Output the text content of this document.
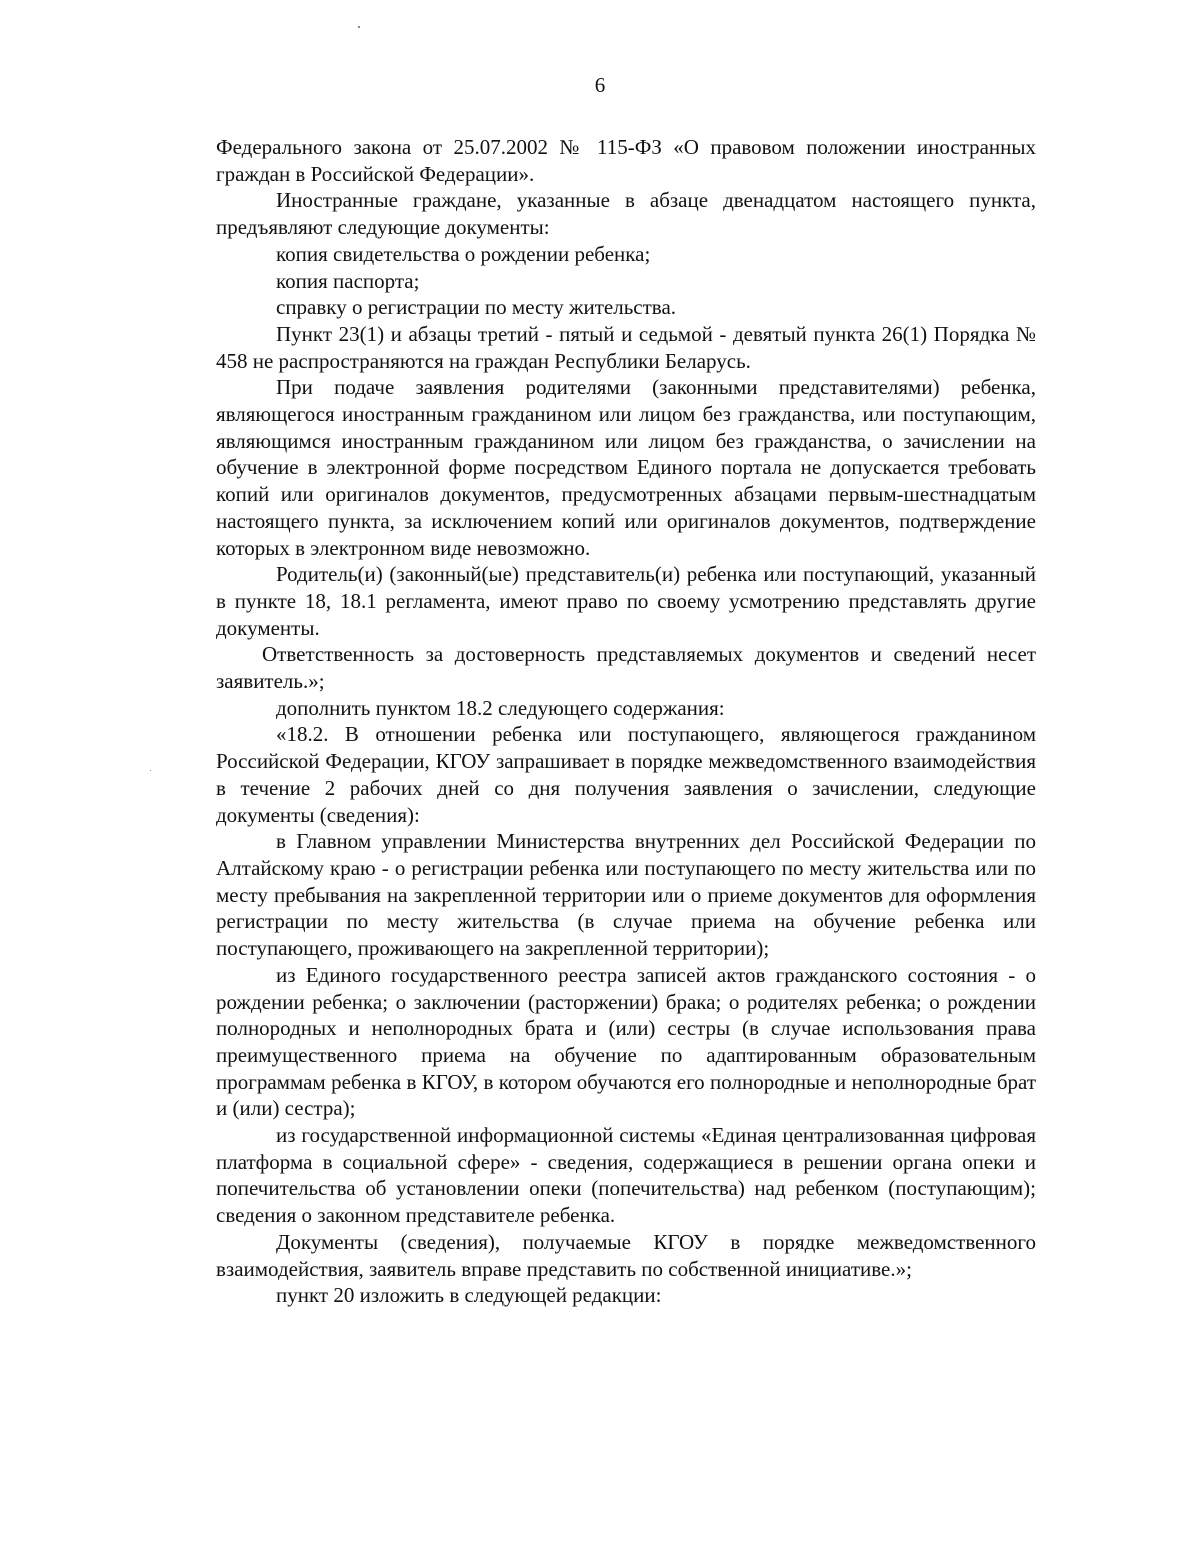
6

Федерального закона от 25.07.2002 № 115-ФЗ «О правовом положении иностранных граждан в Российской Федерации».

Иностранные граждане, указанные в абзаце двенадцатом настоящего пункта, предъявляют следующие документы:

копия свидетельства о рождении ребенка;

копия паспорта;

справку о регистрации по месту жительства.

Пункт 23(1) и абзацы третий - пятый и седьмой - девятый пункта 26(1) Порядка № 458 не распространяются на граждан Республики Беларусь.

При подаче заявления родителями (законными представителями) ребенка, являющегося иностранным гражданином или лицом без гражданства, или поступающим, являющимся иностранным гражданином или лицом без гражданства, о зачислении на обучение в электронной форме посредством Единого портала не допускается требовать копий или оригиналов документов, предусмотренных абзацами первым-шестнадцатым настоящего пункта, за исключением копий или оригиналов документов, подтверждение которых в электронном виде невозможно.

Родитель(и) (законный(ые) представитель(и) ребенка или поступающий, указанный в пункте 18, 18.1 регламента, имеют право по своему усмотрению представлять другие документы.

Ответственность за достоверность представляемых документов и сведений несет заявитель.»;

дополнить пунктом 18.2 следующего содержания:

«18.2. В отношении ребенка или поступающего, являющегося гражданином Российской Федерации, КГОУ запрашивает в порядке межведомственного взаимодействия в течение 2 рабочих дней со дня получения заявления о зачислении, следующие документы (сведения):

в Главном управлении Министерства внутренних дел Российской Федерации по Алтайскому краю - о регистрации ребенка или поступающего по месту жительства или по месту пребывания на закрепленной территории или о приеме документов для оформления регистрации по месту жительства (в случае приема на обучение ребенка или поступающего, проживающего на закрепленной территории);

из Единого государственного реестра записей актов гражданского состояния - о рождении ребенка; о заключении (расторжении) брака; о родителях ребенка; о рождении полнородных и неполнородных брата и (или) сестры (в случае использования права преимущественного приема на обучение по адаптированным образовательным программам ребенка в КГОУ, в котором обучаются его полнородные и неполнородные брат и (или) сестра);

из государственной информационной системы «Единая централизованная цифровая платформа в социальной сфере» - сведения, содержащиеся в решении органа опеки и попечительства об установлении опеки (попечительства) над ребенком (поступающим); сведения о законном представителе ребенка.

Документы (сведения), получаемые КГОУ в порядке межведомственного взаимодействия, заявитель вправе представить по собственной инициативе.»;

пункт 20 изложить в следующей редакции:
